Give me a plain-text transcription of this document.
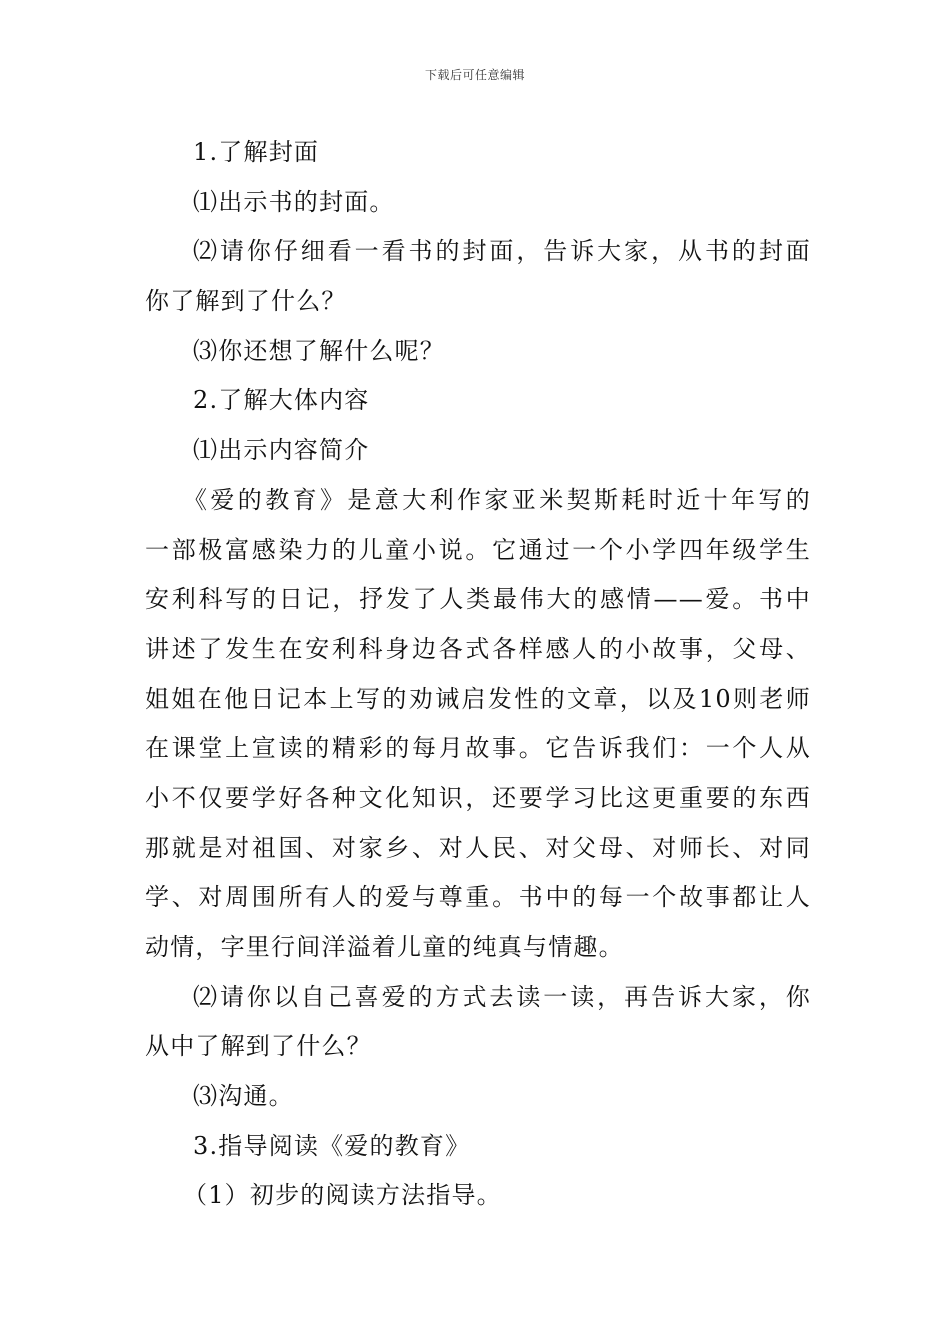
下载后可任意编辑
1.了解封面
⑴出示书的封面。
⑵请你仔细看一看书的封面，告诉大家，从书的封面
你了解到了什么？
⑶你还想了解什么呢？
2.了解大体内容
⑴出示内容简介
《爱的教育》是意大利作家亚米契斯耗时近十年写的
一部极富感染力的儿童小说。它通过一个小学四年级学生
安利科写的日记，抒发了人类最伟大的感情——爱。书中
讲述了发生在安利科身边各式各样感人的小故事，父母、
姐姐在他日记本上写的劝诫启发性的文章，以及10则老师
在课堂上宣读的精彩的每月故事。它告诉我们：一个人从
小不仅要学好各种文化知识，还要学习比这更重要的东西
那就是对祖国、对家乡、对人民、对父母、对师长、对同
学、对周围所有人的爱与尊重。书中的每一个故事都让人
动情，字里行间洋溢着儿童的纯真与情趣。
⑵请你以自己喜爱的方式去读一读，再告诉大家，你
从中了解到了什么？
⑶沟通。
3.指导阅读《爱的教育》
（1）初步的阅读方法指导。
